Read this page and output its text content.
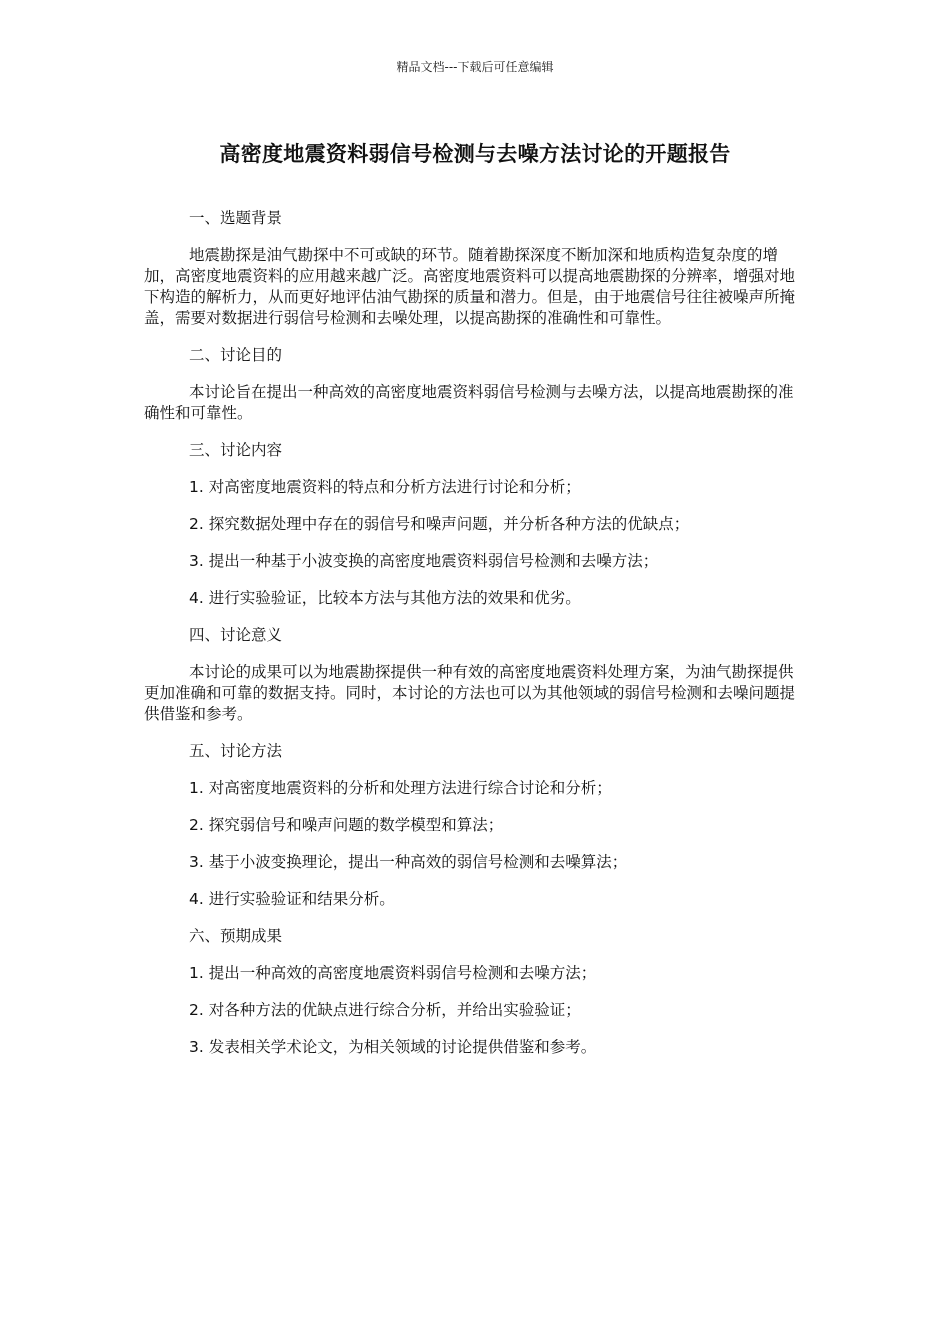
精品文档---下载后可任意编辑
高密度地震资料弱信号检测与去噪方法讨论的开题报告

一、选题背景

地震勘探是油气勘探中不可或缺的环节。随着勘探深度不断加深和地质构造复杂度的增加，高密度地震资料的应用越来越广泛。高密度地震资料可以提高地震勘探的分辨率，增强对地下构造的解析力，从而更好地评估油气勘探的质量和潜力。但是，由于地震信号往往被噪声所掩盖，需要对数据进行弱信号检测和去噪处理，以提高勘探的准确性和可靠性。

二、讨论目的

本讨论旨在提出一种高效的高密度地震资料弱信号检测与去噪方法，以提高地震勘探的准确性和可靠性。

三、讨论内容

1. 对高密度地震资料的特点和分析方法进行讨论和分析；

2. 探究数据处理中存在的弱信号和噪声问题，并分析各种方法的优缺点；

3. 提出一种基于小波变换的高密度地震资料弱信号检测和去噪方法；

4. 进行实验验证，比较本方法与其他方法的效果和优劣。

四、讨论意义

本讨论的成果可以为地震勘探提供一种有效的高密度地震资料处理方案，为油气勘探提供更加准确和可靠的数据支持。同时，本讨论的方法也可以为其他领域的弱信号检测和去噪问题提供借鉴和参考。

五、讨论方法

1. 对高密度地震资料的分析和处理方法进行综合讨论和分析；

2. 探究弱信号和噪声问题的数学模型和算法；

3. 基于小波变换理论，提出一种高效的弱信号检测和去噪算法；

4. 进行实验验证和结果分析。

六、预期成果

1. 提出一种高效的高密度地震资料弱信号检测和去噪方法；

2. 对各种方法的优缺点进行综合分析，并给出实验验证；

3. 发表相关学术论文，为相关领域的讨论提供借鉴和参考。
